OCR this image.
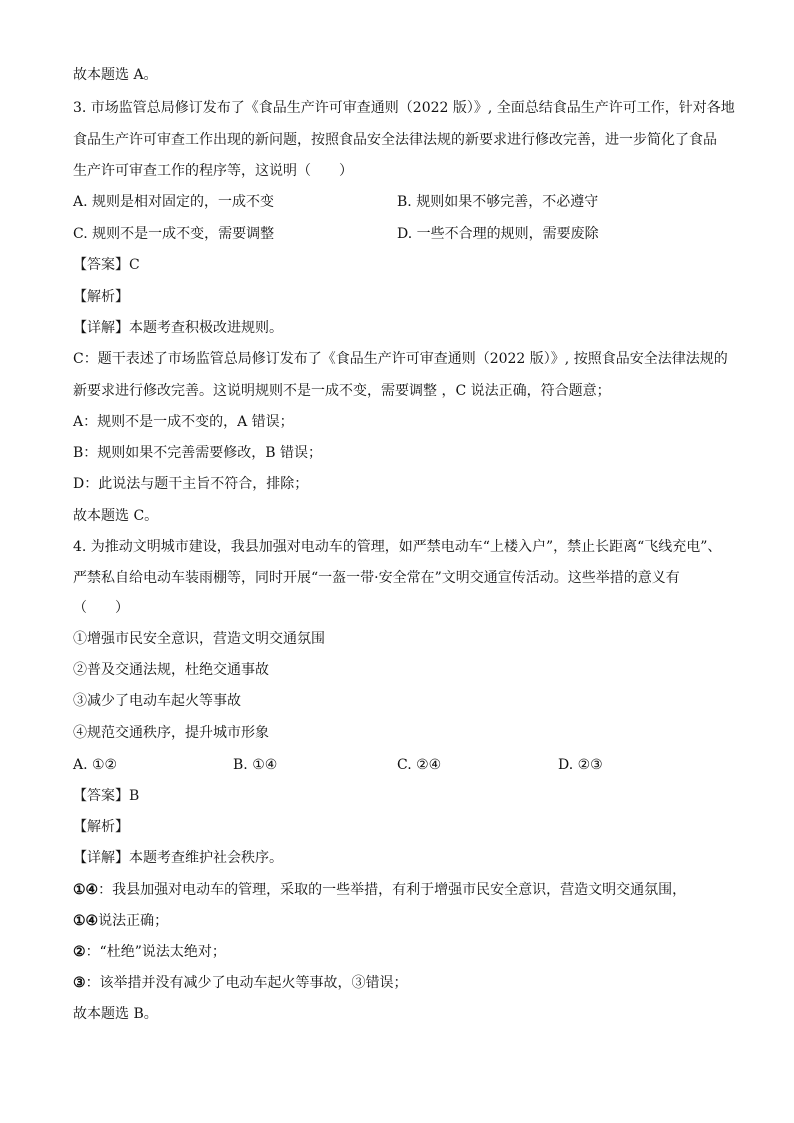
故本题选 A。
3. 市场监管总局修订发布了《食品生产许可审查通则（2022 版）》, 全面总结食品生产许可工作，针对各地
食品生产许可审查工作出现的新问题，按照食品安全法律法规的新要求进行修改完善，进一步简化了食品
生产许可审查工作的程序等，这说明（　　）
A. 规则是相对固定的，一成不变	B. 规则如果不够完善，不必遵守
C. 规则不是一成不变，需要调整	D. 一些不合理的规则，需要废除
【答案】C
【解析】
【详解】本题考查积极改进规则。
C：题干表述了市场监管总局修订发布了《食品生产许可审查通则（2022 版）》, 按照食品安全法律法规的
新要求进行修改完善。这说明规则不是一成不变，需要调整 ，C 说法正确，符合题意；
A：规则不是一成不变的，A 错误；
B：规则如果不完善需要修改，B 错误；
D：此说法与题干主旨不符合，排除；
故本题选 C。
4. 为推动文明城市建设，我县加强对电动车的管理，如严禁电动车“上楼入户”，禁止长距离“飞线充电”、
严禁私自给电动车装雨棚等，同时开展“一盔一带·安全常在”文明交通宣传活动。这些举措的意义有
（　　）
①增强市民安全意识，营造文明交通氛围
②普及交通法规，杜绝交通事故
③减少了电动车起火等事故
④规范交通秩序，提升城市形象
A. ①②	B. ①④	C. ②④	D. ②③
【答案】B
【解析】
【详解】本题考查维护社会秩序。
①④：我县加强对电动车的管理，采取的一些举措，有利于增强市民安全意识，营造文明交通氛围，
①④说法正确；
②：“杜绝”说法太绝对；
③：该举措并没有减少了电动车起火等事故，③错误；
故本题选 B。
